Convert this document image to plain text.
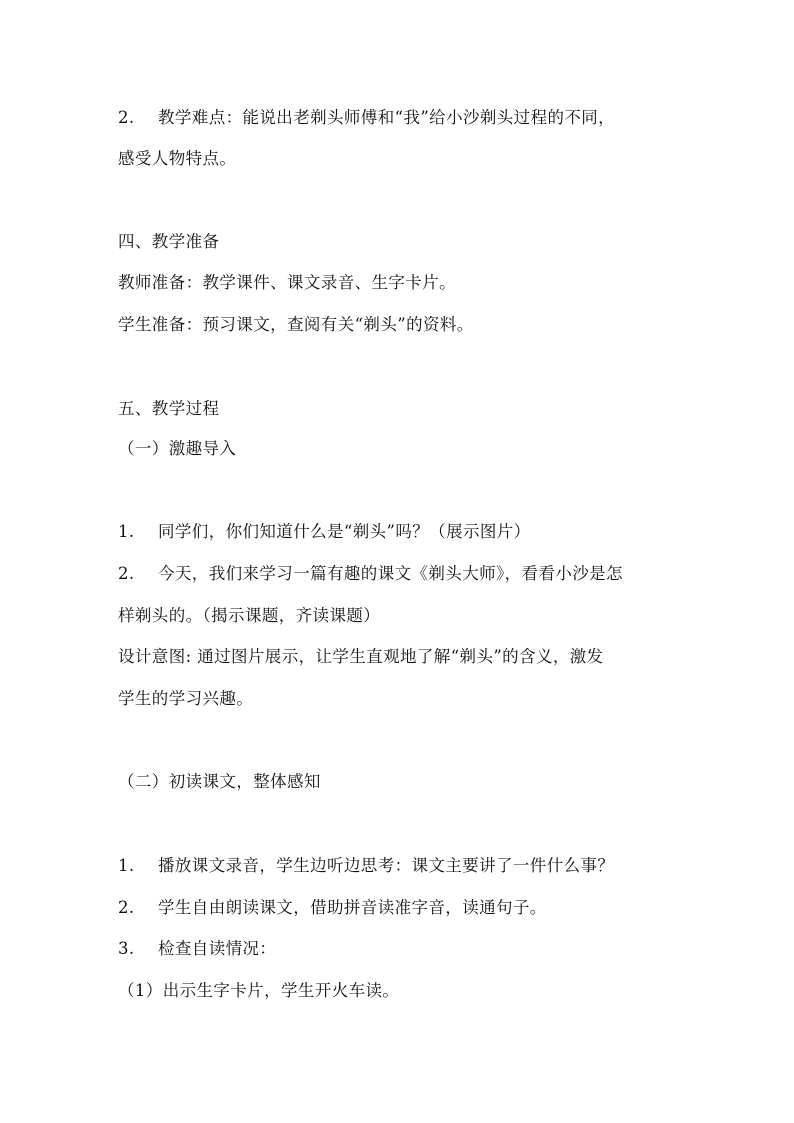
2. 教学难点：能说出老剃头师傅和“我”给小沙剃头过程的不同，
感受人物特点。
四、教学准备
教师准备：教学课件、课文录音、生字卡片。
学生准备：预习课文，查阅有关“剃头”的资料。
五、教学过程
（一）激趣导入
1. 同学们，你们知道什么是“剃头”吗？（展示图片）
2. 今天，我们来学习一篇有趣的课文《剃头大师》，看看小沙是怎
样剃头的。（揭示课题，齐读课题）
设计意图: 通过图片展示，让学生直观地了解“剃头”的含义，激发
学生的学习兴趣。
（二）初读课文，整体感知
1. 播放课文录音，学生边听边思考：课文主要讲了一件什么事？
2. 学生自由朗读课文，借助拼音读准字音，读通句子。
3. 检查自读情况：
（1）出示生字卡片，学生开火车读。
